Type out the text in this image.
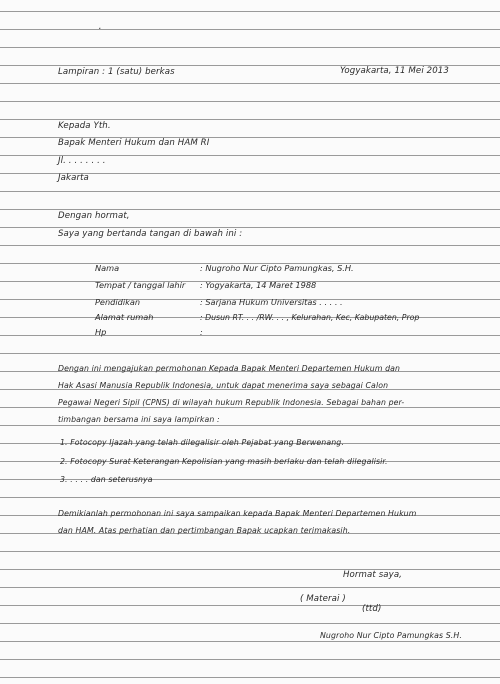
·
Lampiran : 1 (satu) berkas	Yogyakarta, 11 Mei 2013
Kepada Yth.
Bapak Menteri Hukum dan HAM RI
Jl. . . . . . . .
Jakarta
Dengan hormat,
Saya yang bertanda tangan di bawah ini :
Nama	: Nugroho Nur Cipto Pamungkas, S.H.
Tempat / tanggal lahir : Yogyakarta, 14 Maret 1988
Pendidikan	: Sarjana Hukum Universitas . . . . .
Alamat rumah	: Dusun RT. . . /RW. . . , Kelurahan, Kec, Kabupaten, Prop
Hp	:
Dengan ini mengajukan permohonan Kepada Bapak Menteri Departemen Hukum dan
Hak Asasi Manusia Republik Indonesia, untuk dapat menerima saya sebagai Calon
Pegawai Negeri Sipil (CPNS) di wilayah hukum Republik Indonesia. Sebagai bahan per-
timbangan bersama ini saya lampirkan :
1. Fotocopy Ijazah yang telah dilegalisir oleh Pejabat yang Berwenang.
2. Fotocopy Surat Keterangan Kepolisian yang masih berlaku dan telah dilegalisir.
3. . . . . dan seterusnya
Demikianlah permohonan ini saya sampaikan kepada Bapak Menteri Departemen Hukum
dan HAM. Atas perhatian dan pertimbangan Bapak ucapkan terimakasih.
Hormat saya,
( Materai )
(ttd)
Nugroho Nur Cipto Pamungkas S.H.
